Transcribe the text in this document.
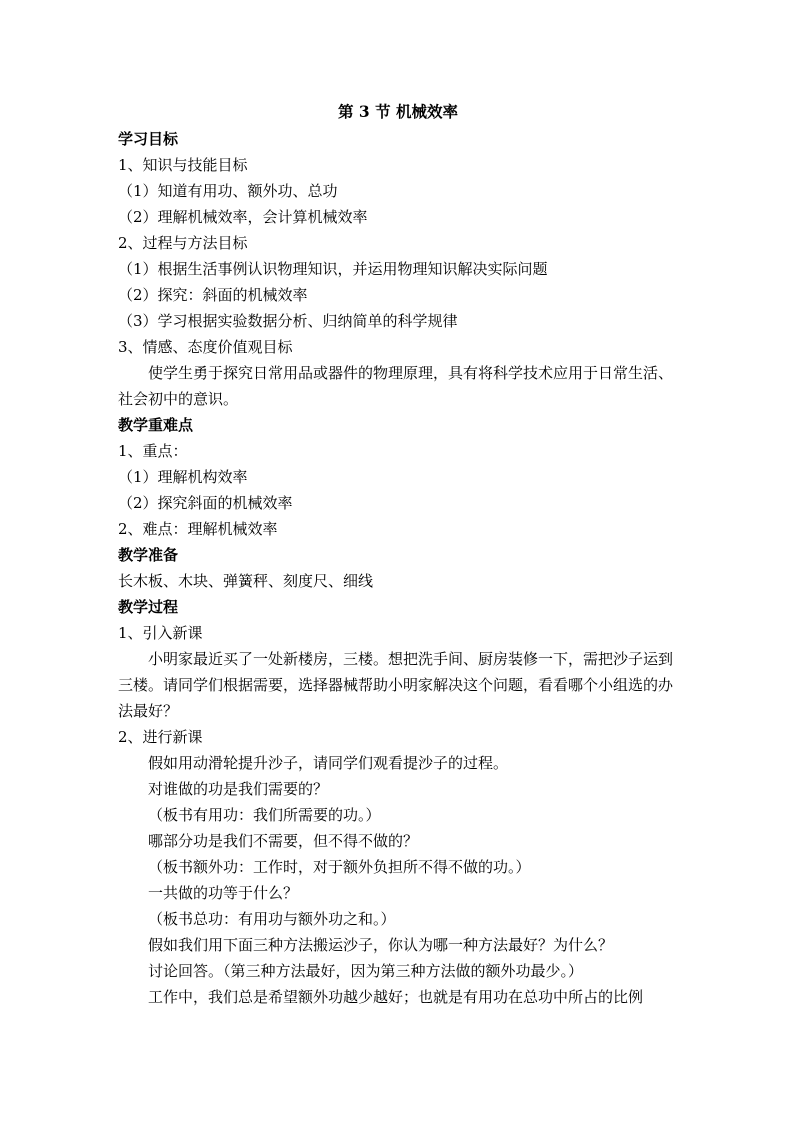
第 3 节 机械效率
学习目标
1、知识与技能目标
（1）知道有用功、额外功、总功
（2）理解机械效率，会计算机械效率
2、过程与方法目标
（1）根据生活事例认识物理知识，并运用物理知识解决实际问题
（2）探究：斜面的机械效率
（3）学习根据实验数据分析、归纳简单的科学规律
3、情感、态度价值观目标
使学生勇于探究日常用品或器件的物理原理，具有将科学技术应用于日常生活、社会初中的意识。
教学重难点
1、重点：
（1）理解机构效率
（2）探究斜面的机械效率
2、难点：理解机械效率
教学准备
长木板、木块、弹簧秤、刻度尺、细线
教学过程
1、引入新课
小明家最近买了一处新楼房，三楼。想把洗手间、厨房装修一下，需把沙子运到三楼。请同学们根据需要，选择器械帮助小明家解决这个问题，看看哪个小组选的办法最好？
2、进行新课
假如用动滑轮提升沙子，请同学们观看提沙子的过程。
对谁做的功是我们需要的？
（板书有用功：我们所需要的功。）
哪部分功是我们不需要，但不得不做的？
（板书额外功：工作时，对于额外负担所不得不做的功。）
一共做的功等于什么？
（板书总功：有用功与额外功之和。）
假如我们用下面三种方法搬运沙子，你认为哪一种方法最好？为什么？
讨论回答。（第三种方法最好，因为第三种方法做的额外功最少。）
工作中，我们总是希望额外功越少越好；也就是有用功在总功中所占的比例
